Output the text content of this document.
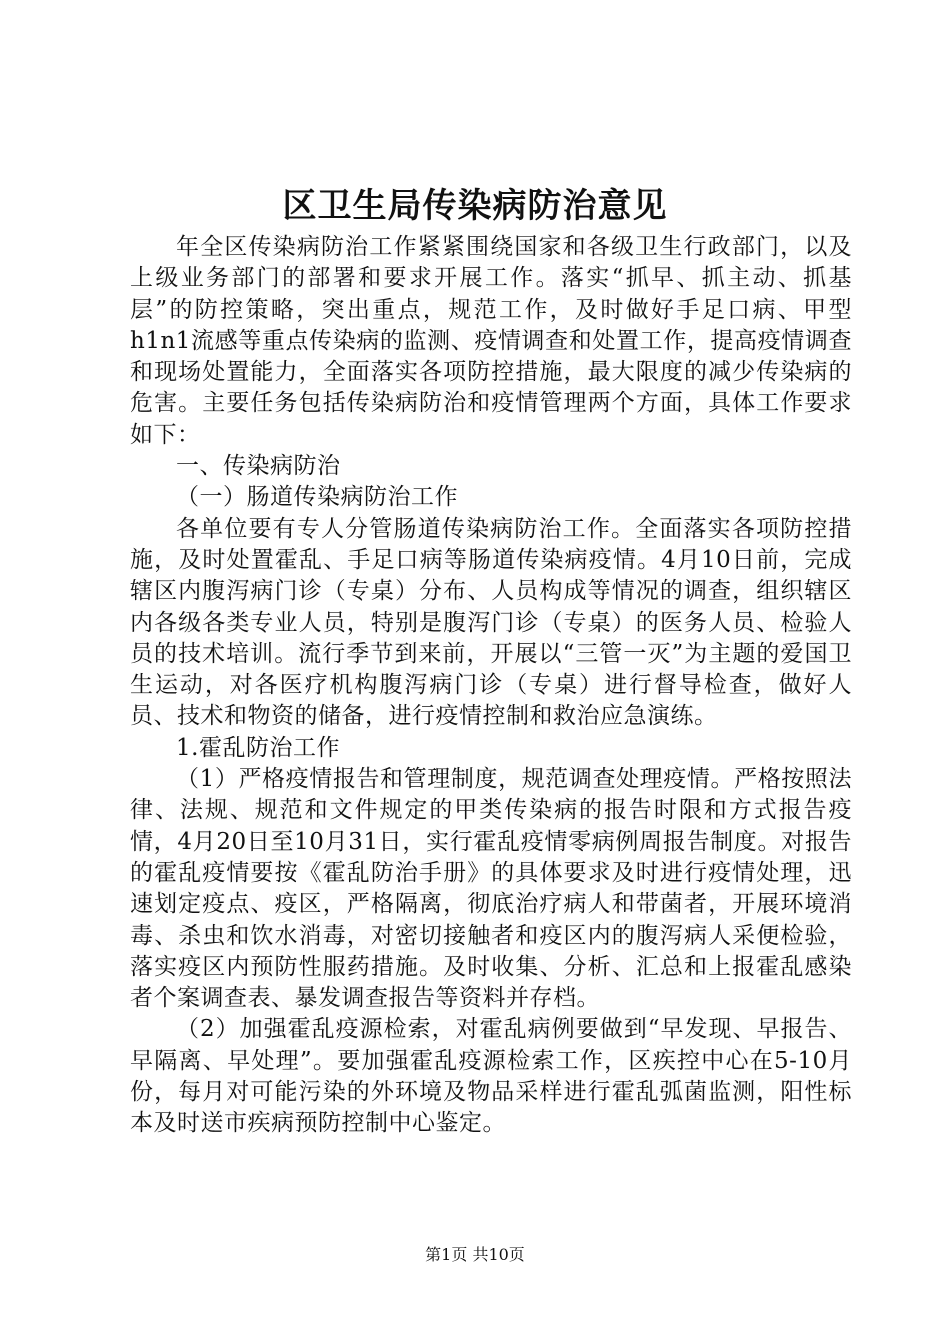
区卫生局传染病防治意见

年全区传染病防治工作紧紧围绕国家和各级卫生行政部门，以及上级业务部门的部署和要求开展工作。落实“抓早、抓主动、抓基层”的防控策略，突出重点，规范工作，及时做好手足口病、甲型h1n1流感等重点传染病的监测、疫情调查和处置工作，提高疫情调查和现场处置能力，全面落实各项防控措施，最大限度的减少传染病的危害。主要任务包括传染病防治和疫情管理两个方面，具体工作要求如下：

一、传染病防治

（一）肠道传染病防治工作

各单位要有专人分管肠道传染病防治工作。全面落实各项防控措施，及时处置霍乱、手足口病等肠道传染病疫情。4月10日前，完成辖区内腹泻病门诊（专桌）分布、人员构成等情况的调查，组织辖区内各级各类专业人员，特别是腹泻门诊（专桌）的医务人员、检验人员的技术培训。流行季节到来前，开展以“三管一灭”为主题的爱国卫生运动，对各医疗机构腹泻病门诊（专桌）进行督导检查，做好人员、技术和物资的储备，进行疫情控制和救治应急演练。

1.霍乱防治工作

（1）严格疫情报告和管理制度，规范调查处理疫情。严格按照法律、法规、规范和文件规定的甲类传染病的报告时限和方式报告疫情，4月20日至10月31日，实行霍乱疫情零病例周报告制度。对报告的霍乱疫情要按《霍乱防治手册》的具体要求及时进行疫情处理，迅速划定疫点、疫区，严格隔离，彻底治疗病人和带菌者，开展环境消毒、杀虫和饮水消毒，对密切接触者和疫区内的腹泻病人采便检验，落实疫区内预防性服药措施。及时收集、分析、汇总和上报霍乱感染者个案调查表、暴发调查报告等资料并存档。

（2）加强霍乱疫源检索，对霍乱病例要做到“早发现、早报告、早隔离、早处理”。要加强霍乱疫源检索工作，区疾控中心在5-10月份，每月对可能污染的外环境及物品采样进行霍乱弧菌监测，阳性标本及时送市疾病预防控制中心鉴定。

第1页 共10页
